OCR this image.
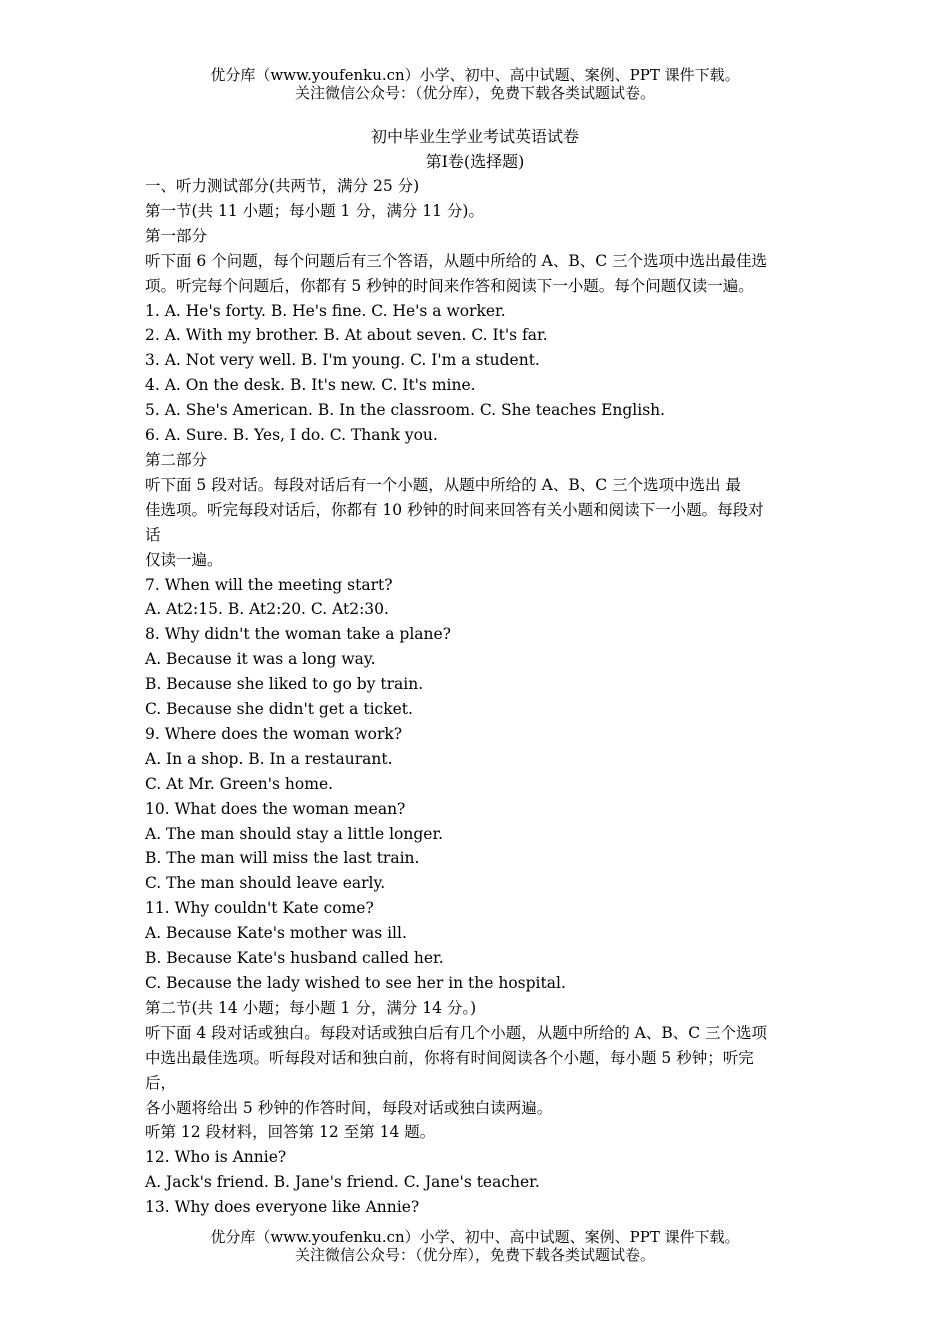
优分库（www.youfenku.cn）小学、初中、高中试题、案例、PPT 课件下载。
关注微信公众号：（优分库），免费下载各类试题试卷。
初中毕业生学业考试英语试卷
第Ⅰ卷(选择题)

一、听力测试部分(共两节，满分 25 分)

第一节(共 11 小题；每小题 1 分，满分 11 分)。

第一部分

听下面 6 个问题，每个问题后有三个答语，从题中所给的 A、B、C 三个选项中选出最佳选

项。听完每个问题后，你都有 5 秒钟的时间来作答和阅读下一小题。每个问题仅读一遍。

1. A. He's forty. B. He's fine. C. He's a worker.

2. A. With my brother. B. At about seven. C. It's far.

3. A. Not very well. B. I'm young. C. I'm a student.

4. A. On the desk. B. It's new. C. It's mine.

5. A. She's American. B. In the classroom. C. She teaches English.

6. A. Sure. B. Yes, I do. C. Thank you.

第二部分

听下面 5 段对话。每段对话后有一个小题，从题中所给的 A、B、C 三个选项中选出 最

佳选项。听完每段对话后，你都有 10 秒钟的时间来回答有关小题和阅读下一小题。每段对

话

仅读一遍。

7. When will the meeting start?

A. At2:15. B. At2:20. C. At2:30.

8. Why didn't the woman take a plane?

A. Because it was a long way.

B. Because she liked to go by train.

C. Because she didn't get a ticket.

9. Where does the woman work?

A. In a shop. B. In a restaurant.

C. At Mr. Green's home.

10. What does the woman mean?

A. The man should stay a little longer.

B. The man will miss the last train.

C. The man should leave early.

11. Why couldn't Kate come?

A. Because Kate's mother was ill.

B. Because Kate's husband called her.

C. Because the lady wished to see her in the hospital.

第二节(共 14 小题；每小题 1 分，满分 14 分。)

听下面 4 段对话或独白。每段对话或独白后有几个小题，从题中所给的 A、B、C 三个选项

中选出最佳选项。听每段对话和独白前，你将有时间阅读各个小题，每小题 5 秒钟；听完

后，

各小题将给出 5 秒钟的作答时间，每段对话或独白读两遍。

听第 12 段材料，回答第 12 至第 14 题。

12. Who is Annie?

A. Jack's friend. B. Jane's friend. C. Jane's teacher.

13. Why does everyone like Annie?

优分库（www.youfenku.cn）小学、初中、高中试题、案例、PPT 课件下载。
关注微信公众号：（优分库），免费下载各类试题试卷。
